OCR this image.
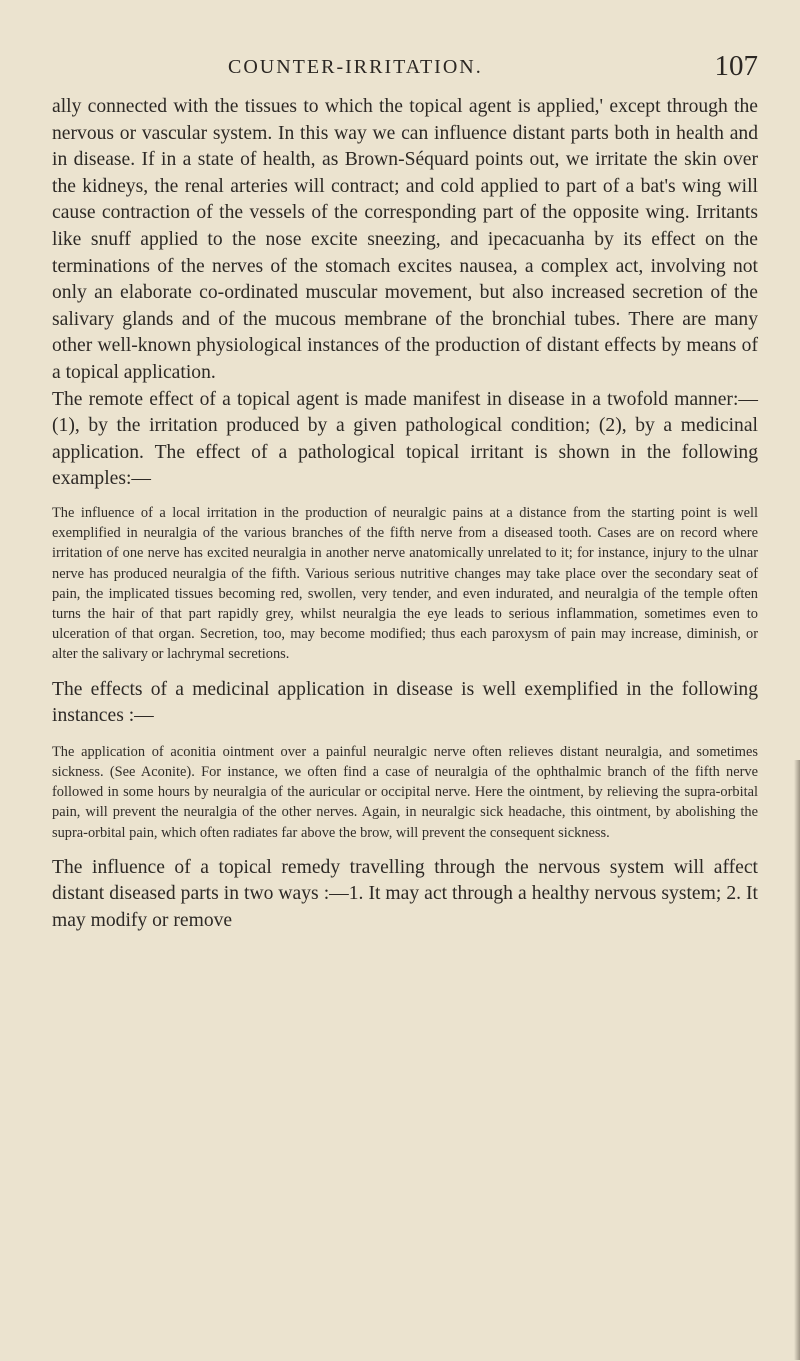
COUNTER-IRRITATION.	107

ally connected with the tissues to which the topical agent is applied,' except through the nervous or vascular system. In this way we can influence distant parts both in health and in disease. If in a state of health, as Brown-Séquard points out, we irritate the skin over the kidneys, the renal arteries will contract; and cold applied to part of a bat's wing will cause contraction of the vessels of the corresponding part of the opposite wing. Irritants like snuff applied to the nose excite sneezing, and ipecacuanha by its effect on the terminations of the nerves of the stomach excites nausea, a complex act, involving not only an elaborate co-ordinated muscular movement, but also increased secretion of the salivary glands and of the mucous membrane of the bronchial tubes. There are many other well-known physiological instances of the production of distant effects by means of a topical application.

The remote effect of a topical agent is made manifest in disease in a twofold manner:—(1), by the irritation produced by a given pathological condition; (2), by a medicinal application. The effect of a pathological topical irritant is shown in the following examples:—

The influence of a local irritation in the production of neuralgic pains at a distance from the starting point is well exemplified in neuralgia of the various branches of the fifth nerve from a diseased tooth. Cases are on record where irritation of one nerve has excited neuralgia in another nerve anatomically unrelated to it; for instance, injury to the ulnar nerve has produced neuralgia of the fifth. Various serious nutritive changes may take place over the secondary seat of pain, the implicated tissues becoming red, swollen, very tender, and even indurated, and neuralgia of the temple often turns the hair of that part rapidly grey, whilst neuralgia the eye leads to serious inflammation, sometimes even to ulceration of that organ. Secretion, too, may become modified; thus each paroxysm of pain may increase, diminish, or alter the salivary or lachrymal secretions.

The effects of a medicinal application in disease is well exemplified in the following instances :—

The application of aconitia ointment over a painful neuralgic nerve often relieves distant neuralgia, and sometimes sickness. (See Aconite). For instance, we often find a case of neuralgia of the ophthalmic branch of the fifth nerve followed in some hours by neuralgia of the auricular or occipital nerve. Here the ointment, by relieving the supra-orbital pain, will prevent the neuralgia of the other nerves. Again, in neuralgic sick headache, this ointment, by abolishing the supra-orbital pain, which often radiates far above the brow, will prevent the consequent sickness.

The influence of a topical remedy travelling through the nervous system will affect distant diseased parts in two ways :—1. It may act through a healthy nervous system; 2. It may modify or remove
